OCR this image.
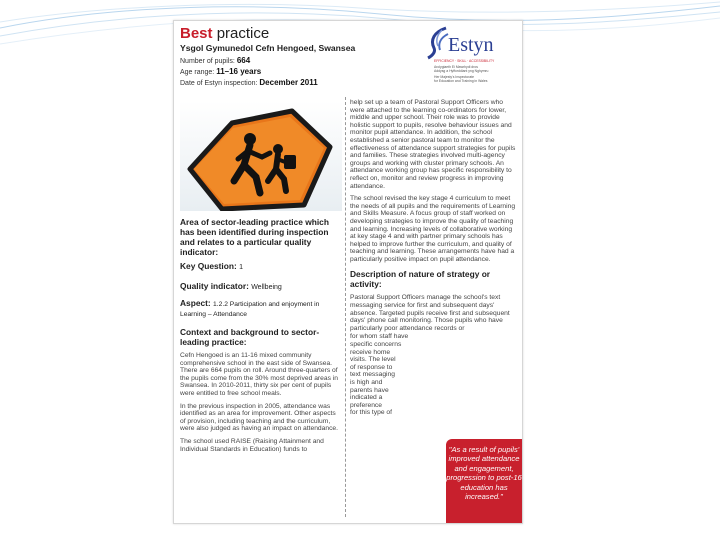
Best practice
Ysgol Gymunedol Cefn Hengoed, Swansea
Number of pupils: 664
Age range: 11–16 years
Date of Estyn inspection: December 2011
Estyn
EFFICIENCY · SKILL · ACCESSIBILITY
Arolygiaeth Ei Mawrhydi dros
Addysg a Hyfforddiant yng Nghymru
Her Majesty's Inspectorate
for Education and Training in Wales
Area of sector-leading practice which has been identified during inspection and relates to a particular quality indicator:
Key Question: 1
Quality indicator: Wellbeing
Aspect: 1.2.2 Participation and enjoyment in Learning – Attendance
Context and background to sector-leading practice:
Cefn Hengoed is an 11-16 mixed community comprehensive school in the east side of Swansea. There are 664 pupils on roll. Around three-quarters of the pupils come from the 30% most deprived areas in Swansea. In 2010-2011, thirty six per cent of pupils were entitled to free school meals.
In the previous inspection in 2005, attendance was identified as an area for improvement. Other aspects of provision, including teaching and the curriculum, were also judged as having an impact on attendance.
The school used RAISE (Raising Attainment and Individual Standards in Education) funds to
help set up a team of Pastoral Support Officers who were attached to the learning co-ordinators for lower, middle and upper school. Their role was to provide holistic support to pupils, resolve behaviour issues and monitor pupil attendance. In addition, the school established a senior pastoral team to monitor the effectiveness of attendance support strategies for pupils and families. These strategies involved multi-agency groups and working with cluster primary schools. An attendance working group has specific responsibility to reflect on, monitor and review progress in improving attendance.
The school revised the key stage 4 curriculum to meet the needs of all pupils and the requirements of Learning and Skills Measure. A focus group of staff worked on developing strategies to improve the quality of teaching and learning. Increasing levels of collaborative working at key stage 4 and with partner primary schools has helped to improve further the curriculum, and quality of teaching and learning. These arrangements have had a particularly positive impact on pupil attendance.
Description of nature of strategy or activity:
Pastoral Support Officers manage the school's text messaging service for first and subsequent days' absence. Targeted pupils receive first and subsequent days' phone call monitoring. Those pupils who have particularly poor attendance records or
for whom staff have
specific concerns
receive home
visits. The level
of response to
text messaging
is high and
parents have
indicated a
preference
for this type of
"As a result of pupils' improved attendance and engagement, progression to post-16 education has increased."
